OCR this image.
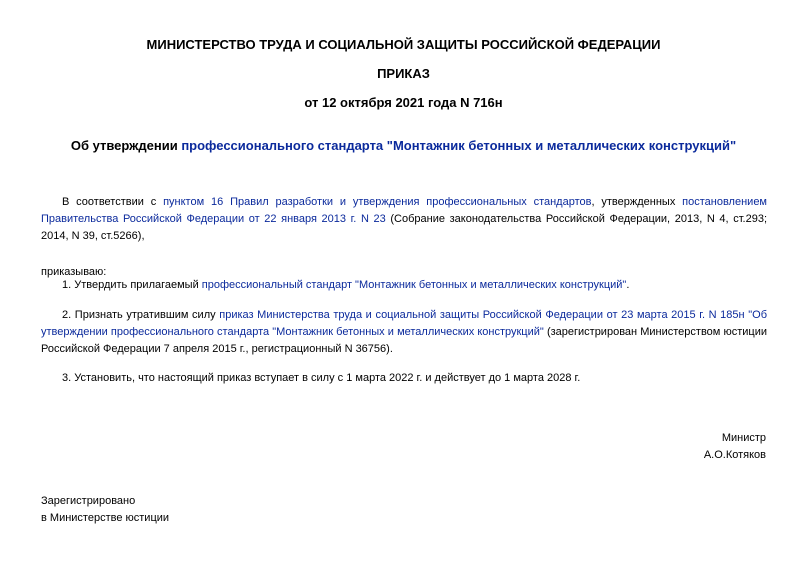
МИНИСТЕРСТВО ТРУДА И СОЦИАЛЬНОЙ ЗАЩИТЫ РОССИЙСКОЙ ФЕДЕРАЦИИ
ПРИКАЗ
от 12 октября 2021 года N 716н
Об утверждении профессионального стандарта "Монтажник бетонных и металлических конструкций"

В соответствии с пунктом 16 Правил разработки и утверждения профессиональных стандартов, утвержденных постановлением Правительства Российской Федерации от 22 января 2013 г. N 23 (Собрание законодательства Российской Федерации, 2013, N 4, ст.293; 2014, N 39, ст.5266),

приказываю:

1. Утвердить прилагаемый профессиональный стандарт "Монтажник бетонных и металлических конструкций".

2. Признать утратившим силу приказ Министерства труда и социальной защиты Российской Федерации от 23 марта 2015 г. N 185н "Об утверждении профессионального стандарта "Монтажник бетонных и металлических конструкций" (зарегистрирован Министерством юстиции Российской Федерации 7 апреля 2015 г., регистрационный N 36756).

3. Установить, что настоящий приказ вступает в силу с 1 марта 2022 г. и действует до 1 марта 2028 г.

Министр
А.О.Котяков
Зарегистрировано
в Министерстве юстиции
